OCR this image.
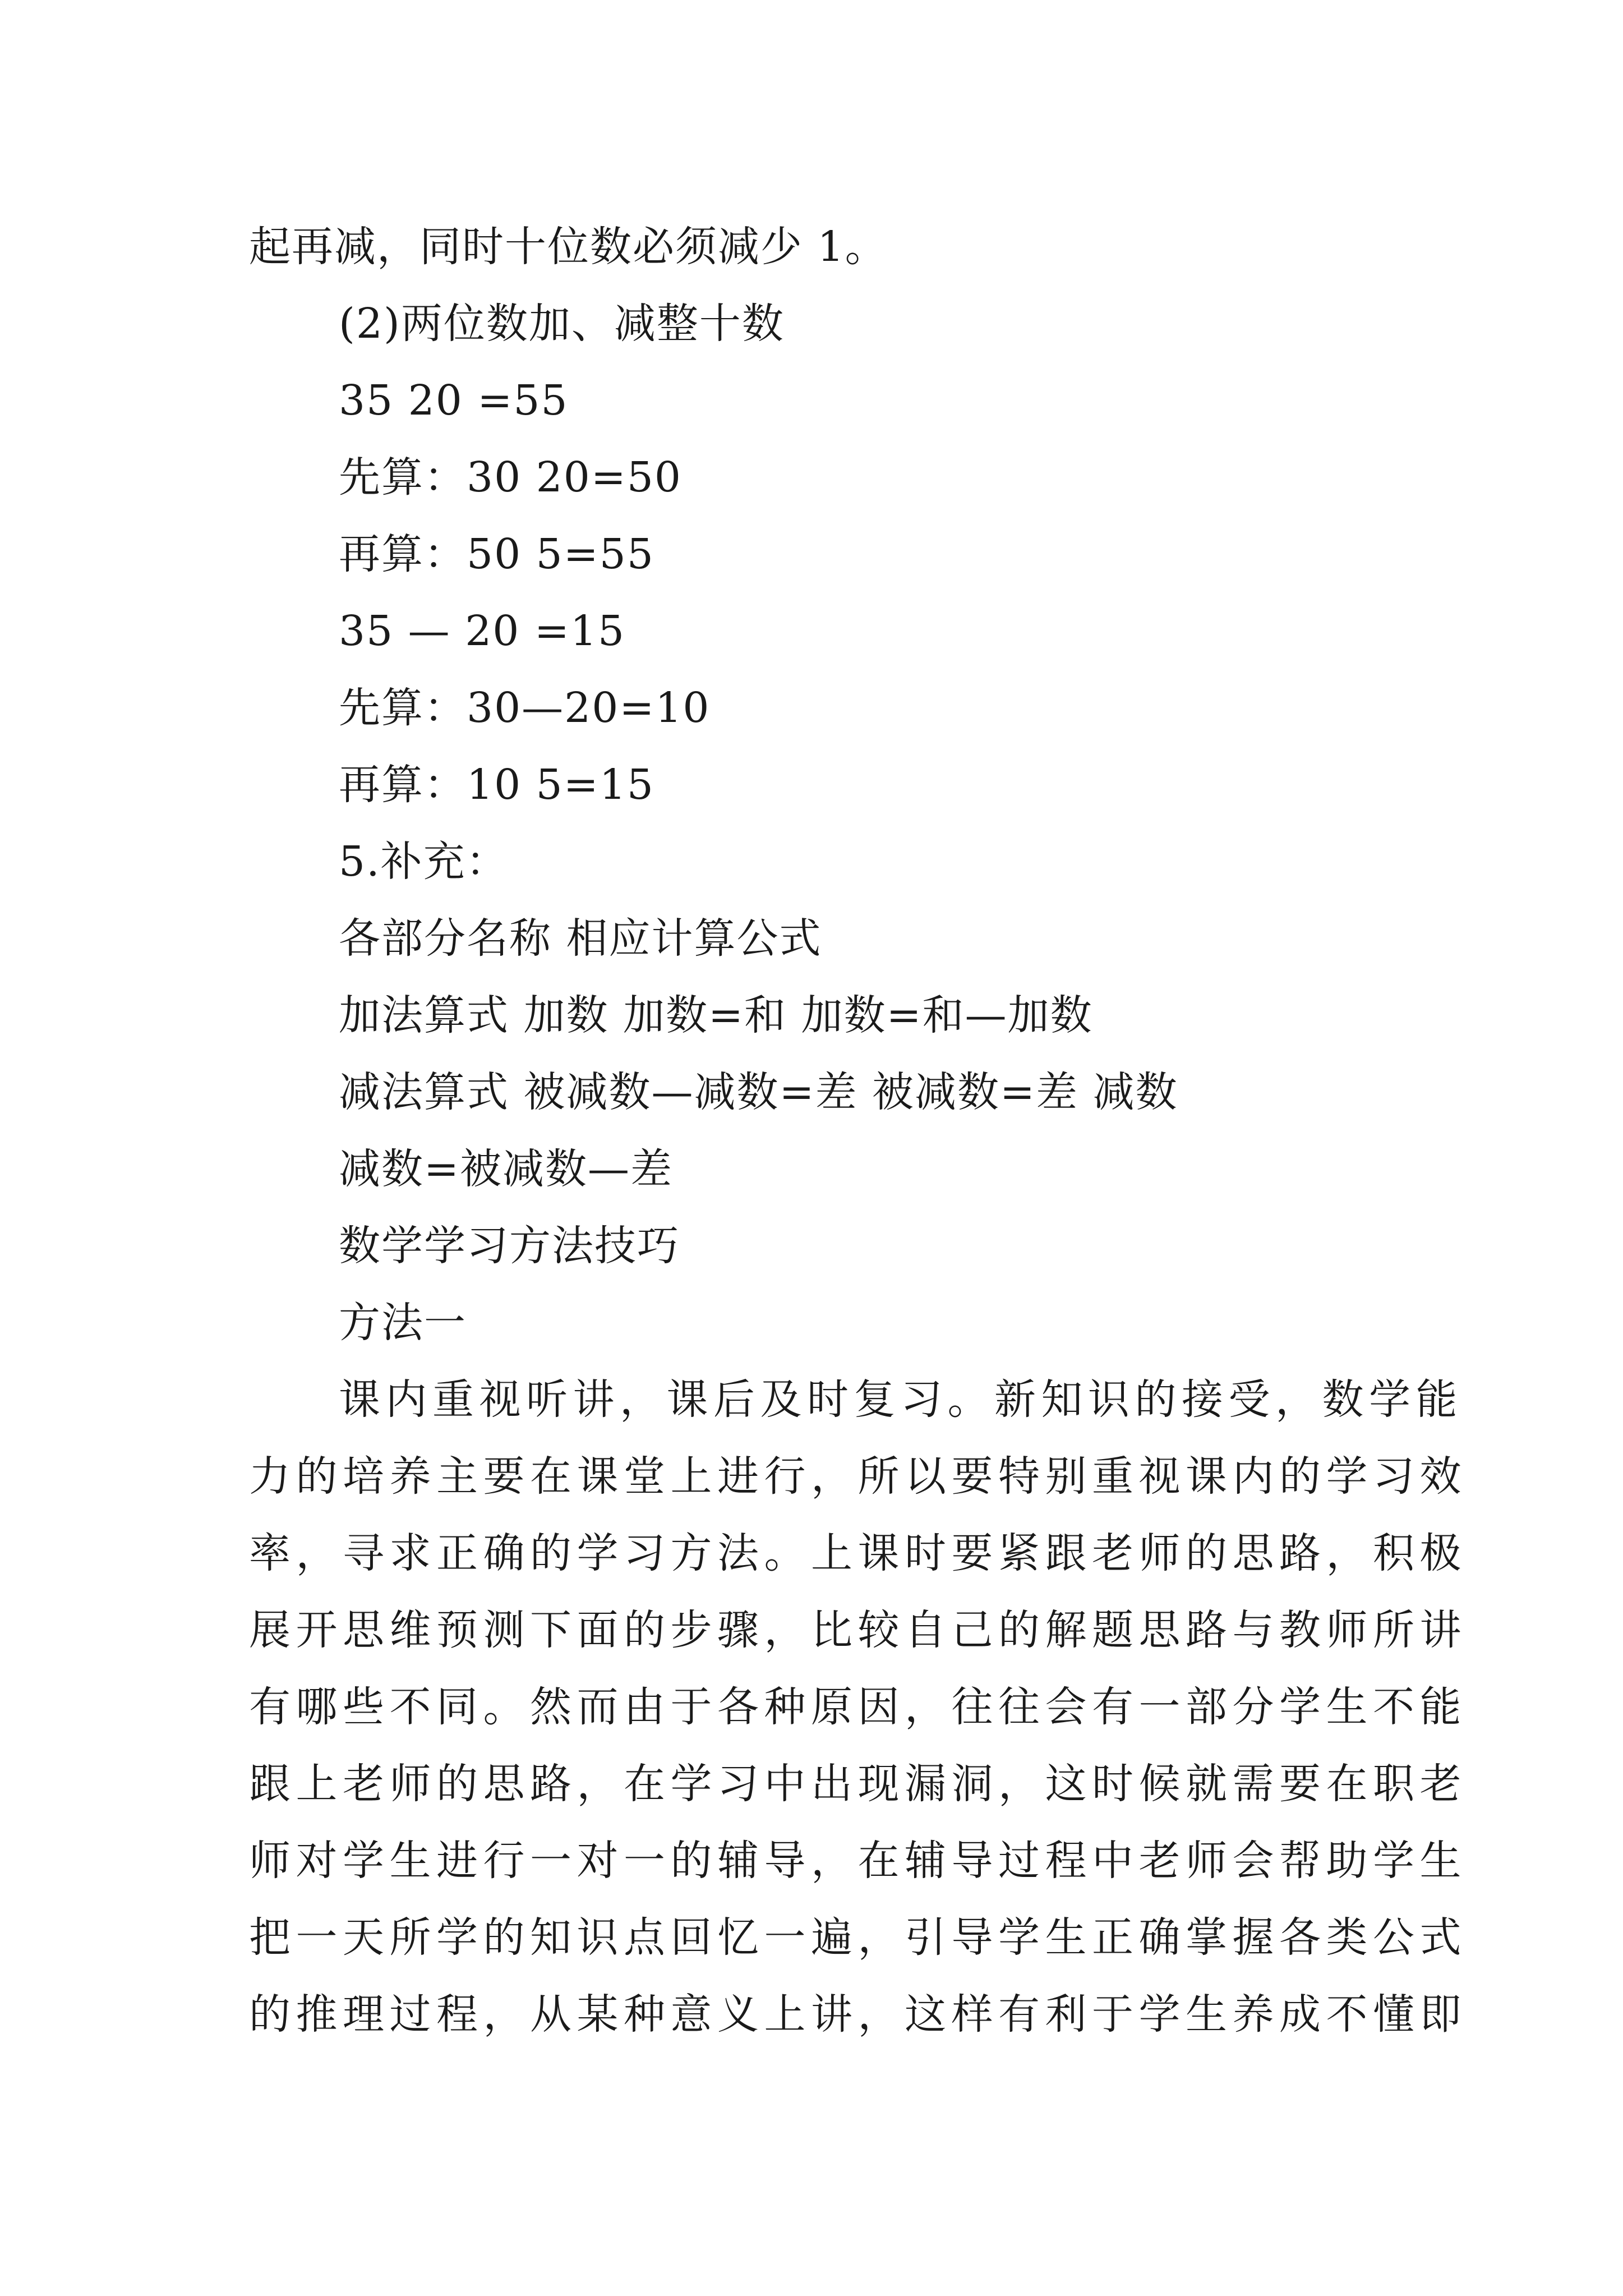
起再减，同时十位数必须减少 1。
(2)两位数加、减整十数
35 20 =55
先算：30 20=50
再算：50 5=55
35 — 20 =15
先算：30—20=10
再算：10 5=15
5.补充：
各部分名称 相应计算公式
加法算式 加数 加数=和 加数=和—加数
减法算式 被减数—减数=差 被减数=差 减数
减数=被减数—差
数学学习方法技巧
方法一
课内重视听讲，课后及时复习。新知识的接受，数学能
力的培养主要在课堂上进行，所以要特别重视课内的学习效
率，寻求正确的学习方法。上课时要紧跟老师的思路，积极
展开思维预测下面的步骤，比较自己的解题思路与教师所讲
有哪些不同。然而由于各种原因，往往会有一部分学生不能
跟上老师的思路，在学习中出现漏洞，这时候就需要在职老
师对学生进行一对一的辅导，在辅导过程中老师会帮助学生
把一天所学的知识点回忆一遍，引导学生正确掌握各类公式
的推理过程，从某种意义上讲，这样有利于学生养成不懂即
